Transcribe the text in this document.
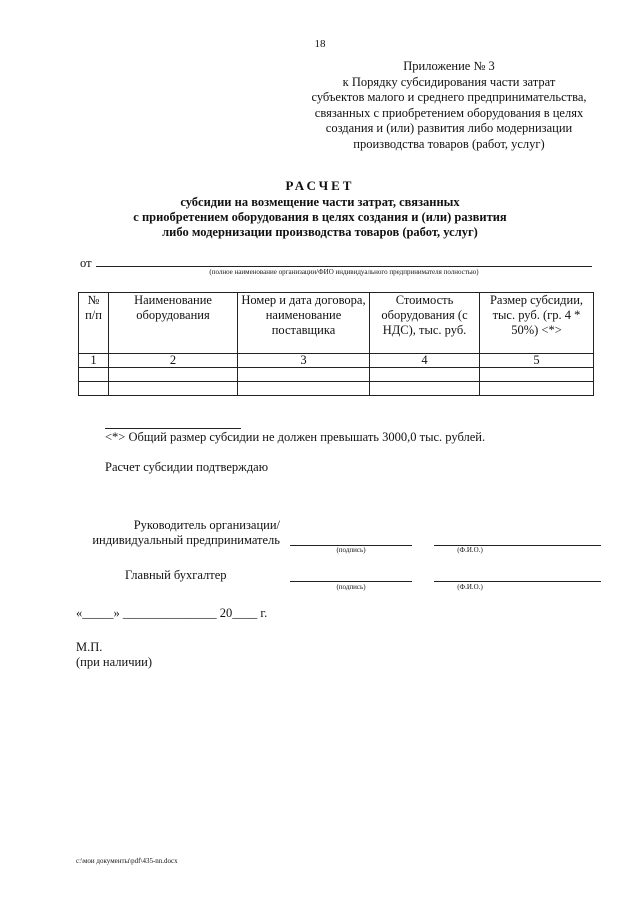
18
Приложение № 3
к Порядку субсидирования части затрат
субъектов малого и среднего предпринимательства,
связанных с приобретением оборудования в целях
создания и (или) развития либо модернизации
производства товаров (работ, услуг)
РАСЧЕТ
субсидии на возмещение части затрат, связанных
с приобретением оборудования в целях создания и (или) развития
либо модернизации производства товаров (работ, услуг)
от
(полное наименование организации/ФИО индивидуального предпринимателя полностью)
№ п/п	Наименование оборудования	Номер и дата договора, наименование поставщика	Стоимость оборудования (с НДС), тыс. руб.	Размер субсидии, тыс. руб. (гр. 4 * 50%) <*>
1	2	3	4	5

<*> Общий размер субсидии не должен превышать 3000,0 тыс. рублей.
Расчет субсидии подтверждаю
Руководитель организации/
индивидуальный предприниматель
(подпись)	(Ф.И.О.)
Главный бухгалтер
(подпись)	(Ф.И.О.)
«_____» _______________ 20____ г.
М.П.
(при наличии)
c:\мои документы\pdf\435-nn.docx
